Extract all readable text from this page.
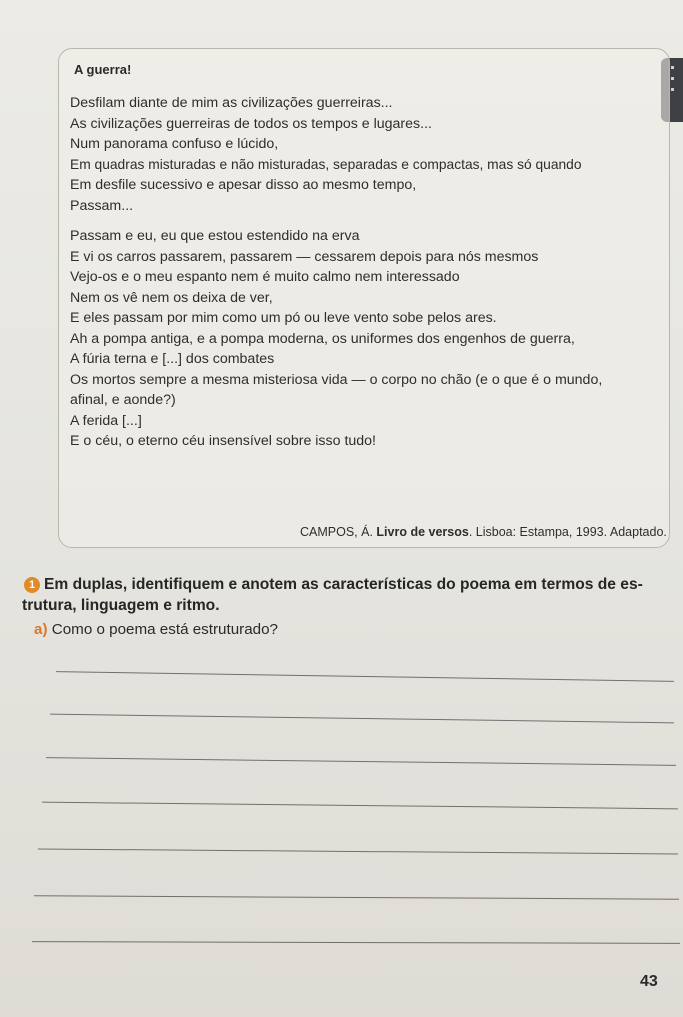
A guerra!
Desfilam diante de mim as civilizações guerreiras...
As civilizações guerreiras de todos os tempos e lugares...
Num panorama confuso e lúcido,
Em quadras misturadas e não misturadas, separadas e compactas, mas só quando
Em desfile sucessivo e apesar disso ao mesmo tempo,
Passam...
Passam e eu, eu que estou estendido na erva
E vi os carros passarem, passarem — cessarem depois para nós mesmos
Vejo-os e o meu espanto nem é muito calmo nem interessado
Nem os vê nem os deixa de ver,
E eles passam por mim como um pó ou leve vento sobe pelos ares.
Ah a pompa antiga, e a pompa moderna, os uniformes dos engenhos de guerra,
A fúria terna e [...] dos combates
Os mortos sempre a mesma misteriosa vida — o corpo no chão (e o que é o mundo, afinal, e aonde?)
A ferida [...]
E o céu, o eterno céu insensível sobre isso tudo!
CAMPOS, Á. Livro de versos. Lisboa: Estampa, 1993. Adaptado.
1 Em duplas, identifiquem e anotem as características do poema em termos de es-
trutura, linguagem e ritmo.
a) Como o poema está estruturado?
43
